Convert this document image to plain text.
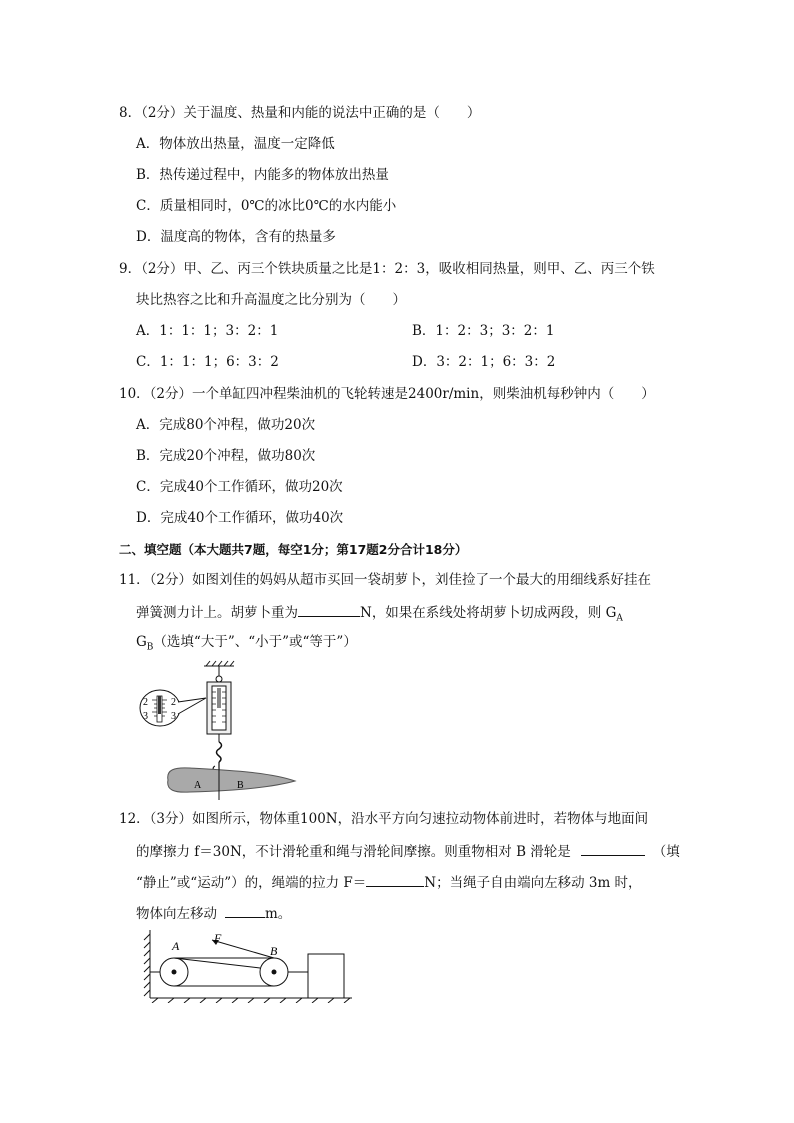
8．（2分）关于温度、热量和内能的说法中正确的是（　　）
A．物体放出热量，温度一定降低
B．热传递过程中，内能多的物体放出热量
C．质量相同时，0℃的冰比0℃的水内能小
D．温度高的物体，含有的热量多
9．（2分）甲、乙、丙三个铁块质量之比是1：2：3，吸收相同热量，则甲、乙、丙三个铁
块比热容之比和升高温度之比分别为（　　）
A．1：1：1；3：2：1	B．1：2：3；3：2：1
C．1：1：1；6：3：2	D．3：2：1；6：3：2
10．（2分）一个单缸四冲程柴油机的飞轮转速是2400r/min，则柴油机每秒钟内（　　）
A．完成80个冲程，做功20次
B．完成20个冲程，做功80次
C．完成40个工作循环，做功20次
D．完成40个工作循环，做功40次
二、填空题（本大题共7题，每空1分；第17题2分合计18分）
11．（2分）如图刘佳的妈妈从超市买回一袋胡萝卜，刘佳捡了一个最大的用细线系好挂在
弹簧测力计上。胡萝卜重为	N，如果在系线处将胡萝卜切成两段，则 $G_A$
$G_B$（选填“大于”、“小于”或“等于”）
2
3
2
3
A	B
12．（3分）如图所示，物体重100N，沿水平方向匀速拉动物体前进时，若物体与地面间
的摩擦力 f＝30N，不计滑轮重和绳与滑轮间摩擦。则重物相对 B 滑轮是	（填
“静止”或“运动”）的，绳端的拉力 F＝	N；当绳子自由端向左移动 3m 时，
物体向左移动	m。
A
F
B
